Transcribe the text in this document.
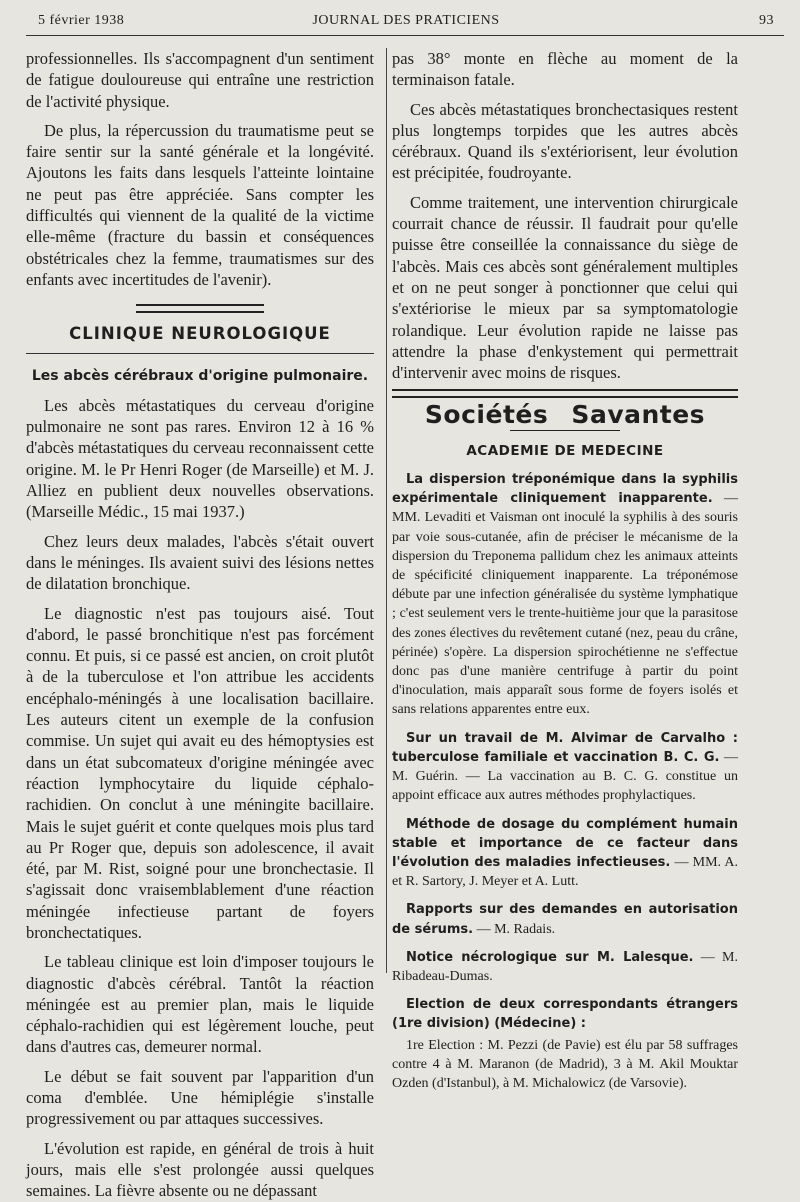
5 février 1938	JOURNAL DES PRATICIENS	93

professionnelles. Ils s'accompagnent d'un sentiment de fatigue douloureuse qui entraîne une restriction de l'activité physique.

De plus, la répercussion du traumatisme peut se faire sentir sur la santé générale et la longévité. Ajoutons les faits dans lesquels l'atteinte lointaine ne peut pas être appréciée. Sans compter les difficultés qui viennent de la qualité de la victime elle-même (fracture du bassin et conséquences obstétricales chez la femme, traumatismes sur des enfants avec incertitudes de l'avenir).

CLINIQUE NEUROLOGIQUE
Les abcès cérébraux d'origine pulmonaire.

Les abcès métastatiques du cerveau d'origine pulmonaire ne sont pas rares. Environ 12 à 16 % d'abcès métastatiques du cerveau reconnaissent cette origine. M. le Pr Henri Roger (de Marseille) et M. J. Alliez en publient deux nouvelles observations. (Marseille Médic., 15 mai 1937.)

Chez leurs deux malades, l'abcès s'était ouvert dans le méninges. Ils avaient suivi des lésions nettes de dilatation bronchique.

Le diagnostic n'est pas toujours aisé. Tout d'abord, le passé bronchitique n'est pas forcément connu. Et puis, si ce passé est ancien, on croit plutôt à de la tuberculose et l'on attribue les accidents encéphalo-méningés à une localisation bacillaire. Les auteurs citent un exemple de la confusion commise. Un sujet qui avait eu des hémoptysies est dans un état subcomateux d'origine méningée avec réaction lymphocytaire du liquide céphalo-rachidien. On conclut à une méningite bacillaire. Mais le sujet guérit et conte quelques mois plus tard au Pr Roger que, depuis son adolescence, il avait été, par M. Rist, soigné pour une bronchectasie. Il s'agissait donc vraisemblablement d'une réaction méningée infectieuse partant de foyers bronchectatiques.

Le tableau clinique est loin d'imposer toujours le diagnostic d'abcès cérébral. Tantôt la réaction méningée est au premier plan, mais le liquide céphalo-rachidien qui est légèrement louche, peut dans d'autres cas, demeurer normal.

Le début se fait souvent par l'apparition d'un coma d'emblée. Une hémiplégie s'installe progressivement ou par attaques successives.

L'évolution est rapide, en général de trois à huit jours, mais elle s'est prolongée aussi quelques semaines. La fièvre absente ou ne dépassant

pas 38° monte en flèche au moment de la terminaison fatale.

Ces abcès métastatiques bronchectasiques restent plus longtemps torpides que les autres abcès cérébraux. Quand ils s'extériorisent, leur évolution est précipitée, foudroyante.

Comme traitement, une intervention chirurgicale courrait chance de réussir. Il faudrait pour qu'elle puisse être conseillée la connaissance du siège de l'abcès. Mais ces abcès sont généralement multiples et on ne peut songer à ponctionner que celui qui s'extériorise le mieux par sa symptomatologie rolandique. Leur évolution rapide ne laisse pas attendre la phase d'enkystement qui permettrait d'intervenir avec moins de risques.

Sociétés Savantes
ACADEMIE DE MEDECINE
La dispersion tréponémique dans la syphilis expérimentale cliniquement inapparente. — MM. Levaditi et Vaisman ont inoculé la syphilis à des souris par voie sous-cutanée, afin de préciser le mécanisme de la dispersion du Treponema pallidum chez les animaux atteints de spécificité cliniquement inapparente. La tréponémose débute par une infection généralisée du système lymphatique ; c'est seulement vers le trente-huitième jour que la parasitose des zones électives du revêtement cutané (nez, peau du crâne, périnée) s'opère. La dispersion spirochétienne ne s'effectue donc pas d'une manière centrifuge à partir du point d'inoculation, mais apparaît sous forme de foyers isolés et sans relations apparentes entre eux.
Sur un travail de M. Alvimar de Carvalho : tuberculose familiale et vaccination B. C. G. — M. Guérin. — La vaccination au B. C. G. constitue un appoint efficace aux autres méthodes prophylactiques.
Méthode de dosage du complément humain stable et importance de ce facteur dans l'évolution des maladies infectieuses. — MM. A. et R. Sartory, J. Meyer et A. Lutt.
Rapports sur des demandes en autorisation de sérums. — M. Radais.
Notice nécrologique sur M. Lalesque. — M. Ribadeau-Dumas.
Election de deux correspondants étrangers (1re division) (Médecine) :
1re Election : M. Pezzi (de Pavie) est élu par 58 suffrages contre 4 à M. Maranon (de Madrid), 3 à M. Akil Mouktar Ozden (d'Istanbul), à M. Michalowicz (de Varsovie).
